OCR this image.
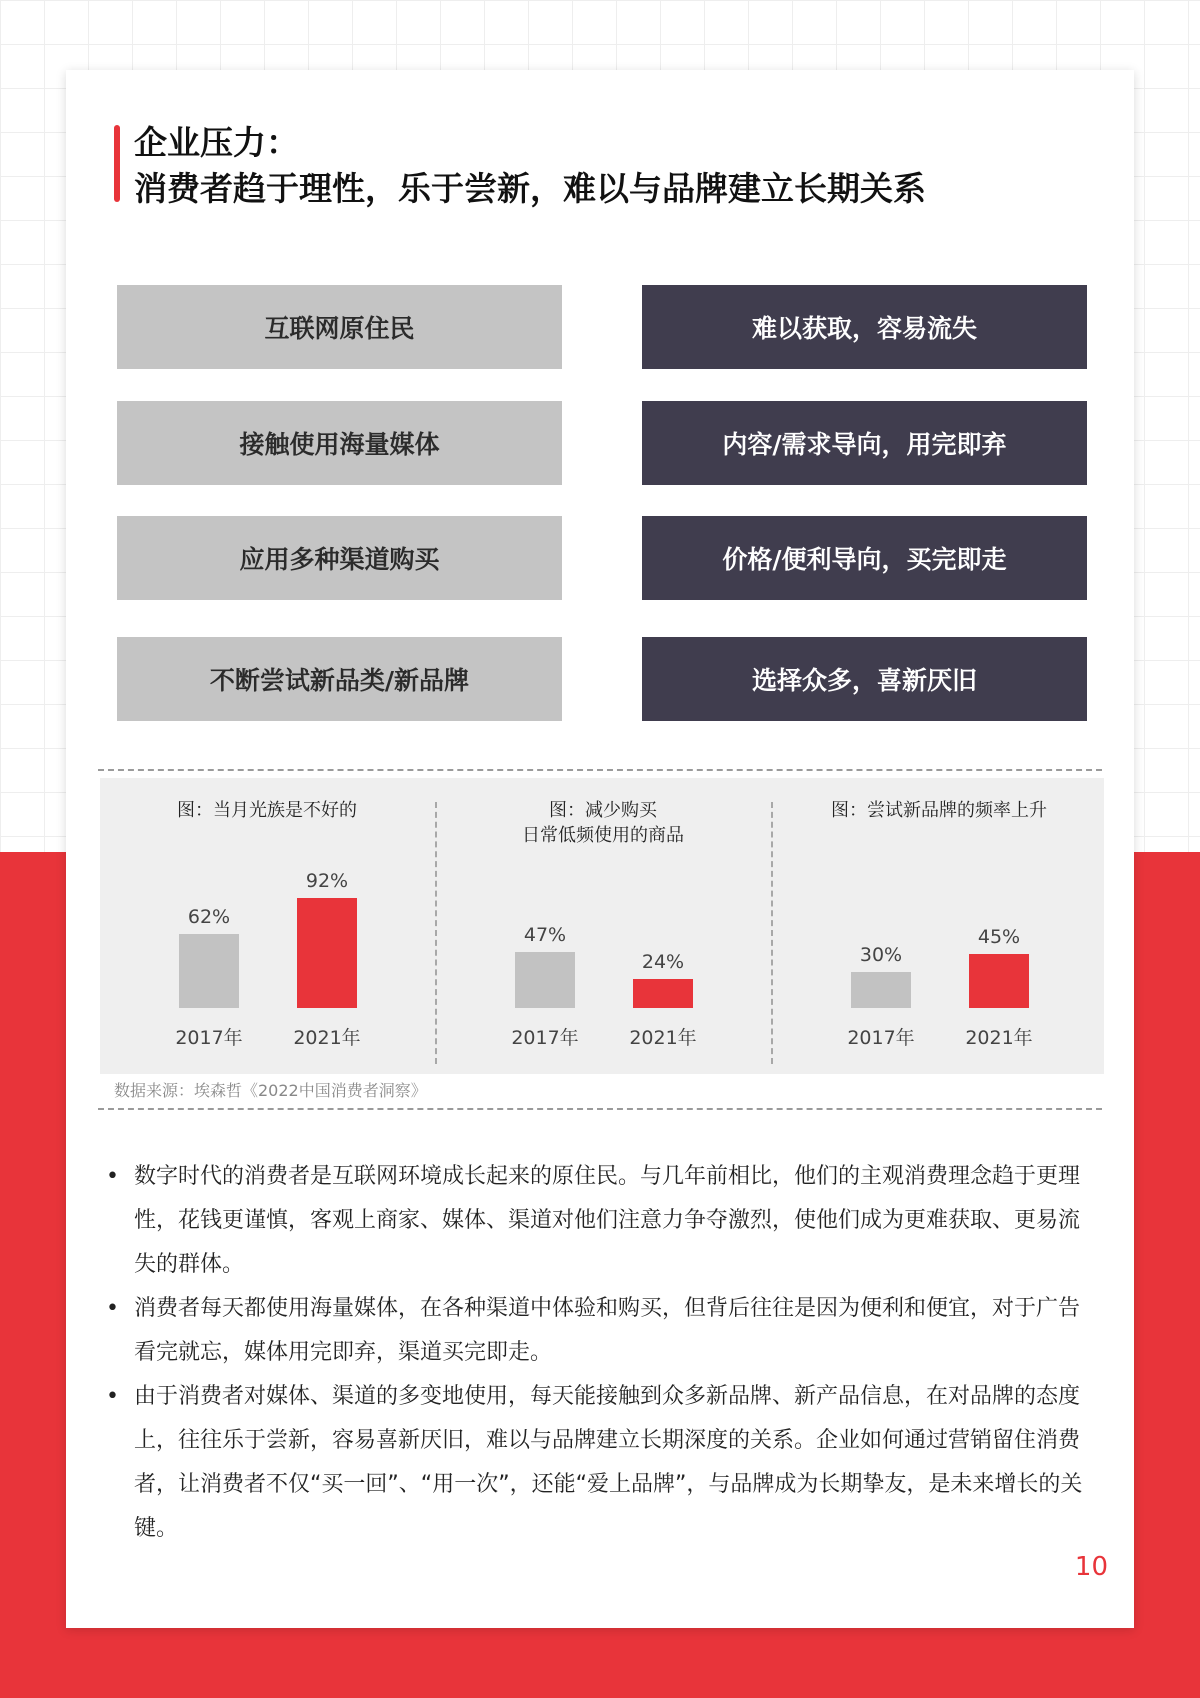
企业压力：
消费者趋于理性，乐于尝新，难以与品牌建立长期关系
互联网原住民	难以获取，容易流失
接触使用海量媒体	内容/需求导向，用完即弃
应用多种渠道购买	价格/便利导向，买完即走
不断尝试新品类/新品牌	选择众多，喜新厌旧
图：当月光族是不好的
62%
2017年
92%
2021年
图：减少购买
日常低频使用的商品
47%
2017年
24%
2021年
图：尝试新品牌的频率上升
30%
2017年
45%
2021年
数据来源：埃森哲《2022中国消费者洞察》
• 数字时代的消费者是互联网环境成长起来的原住民。与几年前相比，他们的主观消费理念趋于更理性，花钱更谨慎，客观上商家、媒体、渠道对他们注意力争夺激烈，使他们成为更难获取、更易流失的群体。
• 消费者每天都使用海量媒体，在各种渠道中体验和购买，但背后往往是因为便利和便宜，对于广告看完就忘，媒体用完即弃，渠道买完即走。
• 由于消费者对媒体、渠道的多变地使用，每天能接触到众多新品牌、新产品信息，在对品牌的态度上，往往乐于尝新，容易喜新厌旧，难以与品牌建立长期深度的关系。企业如何通过营销留住消费者，让消费者不仅“买一回”、“用一次”，还能“爱上品牌”，与品牌成为长期挚友，是未来增长的关键。
10
